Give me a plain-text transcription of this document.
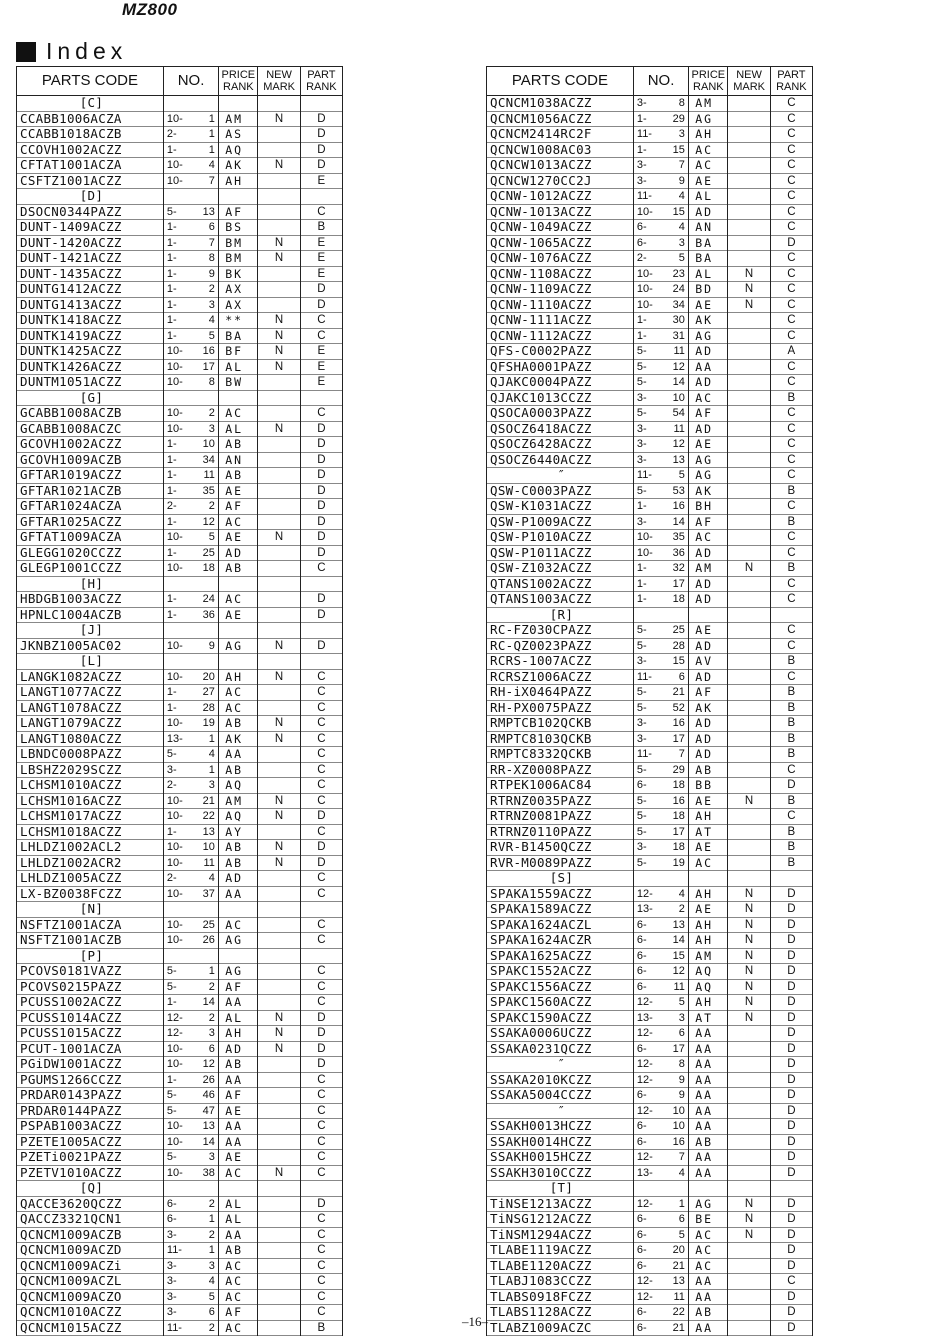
MZ800
Index
PARTS CODE	NO.	PRICE RANK	NEW MARK	PART RANK
[C]				
CCABB1006ACZA	10- 1	AM	N	D
CCABB1018ACZB	2- 1	AS		D
CCOVH1002ACZZ	1- 1	AQ		D
CFTAT1001ACZA	10- 4	AK	N	D
CSFTZ1001ACZZ	10- 7	AH		E
[D]				
DSOCN0344PAZZ	5- 13	AF		C
DUNT-1409ACZZ	1- 6	BS		B
DUNT-1420ACZZ	1- 7	BM	N	E
DUNT-1421ACZZ	1- 8	BM	N	E
DUNT-1435ACZZ	1- 9	BK		E
DUNTG1412ACZZ	1- 2	AX		D
DUNTG1413ACZZ	1- 3	AX		D
DUNTK1418ACZZ	1- 4	**	N	C
DUNTK1419ACZZ	1- 5	BA	N	C
DUNTK1425ACZZ	10- 16	BF	N	E
DUNTK1426ACZZ	10- 17	AL	N	E
DUNTM1051ACZZ	10- 8	BW		E
[G]				
GCABB1008ACZB	10- 2	AC		C
GCABB1008ACZC	10- 3	AL	N	D
GCOVH1002ACZZ	1- 10	AB		D
GCOVH1009ACZB	1- 34	AN		D
GFTAR1019ACZZ	1- 11	AB		D
GFTAR1021ACZB	1- 35	AE		D
GFTAR1024ACZA	2- 2	AF		D
GFTAR1025ACZZ	1- 12	AC		D
GFTAT1009ACZA	10- 5	AE	N	D
GLEGG1020CCZZ	1- 25	AD		D
GLEGP1001CCZZ	10- 18	AB		C
[H]				
HBDGB1003ACZZ	1- 24	AC		D
HPNLC1004ACZB	1- 36	AE		D
[J]				
JKNBZ1005AC02	10- 9	AG	N	D
[L]				
LANGK1082ACZZ	10- 20	AH	N	C
LANGT1077ACZZ	1- 27	AC		C
LANGT1078ACZZ	1- 28	AC		C
LANGT1079ACZZ	10- 19	AB	N	C
LANGT1080ACZZ	13- 1	AK	N	C
LBNDC0008PAZZ	5- 4	AA		C
LBSHZ2029SCZZ	3- 1	AB		C
LCHSM1010ACZZ	2- 3	AQ		C
LCHSM1016ACZZ	10- 21	AM	N	C
LCHSM1017ACZZ	10- 22	AQ	N	D
LCHSM1018ACZZ	1- 13	AY		C
LHLDZ1002ACL2	10- 10	AB	N	D
LHLDZ1002ACR2	10- 11	AB	N	D
LHLDZ1005ACZZ	2- 4	AD		C
LX-BZ0038FCZZ	10- 37	AA		C
[N]				
NSFTZ1001ACZA	10- 25	AC		C
NSFTZ1001ACZB	10- 26	AG		C
[P]				
PCOVS0181VAZZ	5- 1	AG		C
PCOVS0215PAZZ	5- 2	AF		C
PCUSS1002ACZZ	1- 14	AA		C
PCUSS1014ACZZ	12- 2	AL	N	D
PCUSS1015ACZZ	12- 3	AH	N	D
PCUT-1001ACZA	10- 6	AD	N	D
PGiDW1001ACZZ	10- 12	AB		D
PGUMS1266CCZZ	1- 26	AA		C
PRDAR0143PAZZ	5- 46	AF		C
PRDAR0144PAZZ	5- 47	AE		C
PSPAB1003ACZZ	10- 13	AA		C
PZETE1005ACZZ	10- 14	AA		C
PZETi0021PAZZ	5- 3	AE		C
PZETV1010ACZZ	10- 38	AC	N	C
[Q]				
QACCE3620QCZZ	6- 2	AL		D
QACCZ3321QCN1	6- 1	AL		C
QCNCM1009ACZB	3- 2	AA		C
QCNCM1009ACZD	11- 1	AB		C
QCNCM1009ACZi	3- 3	AC		C
QCNCM1009ACZL	3- 4	AC		C
QCNCM1009ACZO	3- 5	AC		C
QCNCM1010ACZZ	3- 6	AF		C
QCNCM1015ACZZ	11- 2	AC		B
PARTS CODE	NO.	PRICE RANK	NEW MARK	PART RANK
QCNCM1038ACZZ	3- 8	AM		C
QCNCM1056ACZZ	1- 29	AG		C
QCNCM2414RC2F	11- 3	AH		C
QCNCW1008AC03	1- 15	AC		C
QCNCW1013ACZZ	3- 7	AC		C
QCNCW1270CC2J	3- 9	AE		C
QCNW-1012ACZZ	11- 4	AL		C
QCNW-1013ACZZ	10- 15	AD		C
QCNW-1049ACZZ	6- 4	AN		C
QCNW-1065ACZZ	6- 3	BA		D
QCNW-1076ACZZ	2- 5	BA		C
QCNW-1108ACZZ	10- 23	AL	N	C
QCNW-1109ACZZ	10- 24	BD	N	C
QCNW-1110ACZZ	10- 34	AE	N	C
QCNW-1111ACZZ	1- 30	AK		C
QCNW-1112ACZZ	1- 31	AG		C
QFS-C0002PAZZ	5- 11	AD		A
QFSHA0001PAZZ	5- 12	AA		C
QJAKC0004PAZZ	5- 14	AD		C
QJAKC1013CCZZ	3- 10	AC		B
QSOCA0003PAZZ	5- 54	AF		C
QSOCZ6418ACZZ	3- 11	AD		C
QSOCZ6428ACZZ	3- 12	AE		C
QSOCZ6440ACZZ	3- 13	AG		C
″	11- 5	AG		C
QSW-C0003PAZZ	5- 53	AK		B
QSW-K1031ACZZ	1- 16	BH		C
QSW-P1009ACZZ	3- 14	AF		B
QSW-P1010ACZZ	10- 35	AC		C
QSW-P1011ACZZ	10- 36	AD		C
QSW-Z1032ACZZ	1- 32	AM	N	B
QTANS1002ACZZ	1- 17	AD		C
QTANS1003ACZZ	1- 18	AD		C
[R]				
RC-FZ030CPAZZ	5- 25	AE		C
RC-QZ0023PAZZ	5- 28	AD		C
RCRS-1007ACZZ	3- 15	AV		B
RCRSZ1006ACZZ	11- 6	AD		C
RH-iX0464PAZZ	5- 21	AF		B
RH-PX0075PAZZ	5- 52	AK		B
RMPTCB102QCKB	3- 16	AD		B
RMPTC8103QCKB	3- 17	AD		B
RMPTC8332QCKB	11- 7	AD		B
RR-XZ0008PAZZ	5- 29	AB		C
RTPEK1006AC84	6- 18	BB		D
RTRNZ0035PAZZ	5- 16	AE	N	B
RTRNZ0081PAZZ	5- 18	AH		C
RTRNZ0110PAZZ	5- 17	AT		B
RVR-B1450QCZZ	3- 18	AE		B
RVR-M0089PAZZ	5- 19	AC		B
[S]				
SPAKA1559ACZZ	12- 4	AH	N	D
SPAKA1589ACZZ	13- 2	AE	N	D
SPAKA1624ACZL	6- 13	AH	N	D
SPAKA1624ACZR	6- 14	AH	N	D
SPAKA1625ACZZ	6- 15	AM	N	D
SPAKC1552ACZZ	6- 12	AQ	N	D
SPAKC1556ACZZ	6- 11	AQ	N	D
SPAKC1560ACZZ	12- 5	AH	N	D
SPAKC1590ACZZ	13- 3	AT	N	D
SSAKA0006UCZZ	12- 6	AA		D
SSAKA0231QCZZ	6- 17	AA		D
″	12- 8	AA		D
SSAKA2010KCZZ	12- 9	AA		D
SSAKA5004CCZZ	6- 9	AA		D
″	12- 10	AA		D
SSAKH0013HCZZ	6- 10	AA		D
SSAKH0014HCZZ	6- 16	AB		D
SSAKH0015HCZZ	12- 7	AA		D
SSAKH3010CCZZ	13- 4	AA		D
[T]				
TiNSE1213ACZZ	12- 1	AG	N	D
TiNSG1212ACZZ	6- 6	BE	N	D
TiNSM1294ACZZ	6- 5	AC	N	D
TLABE1119ACZZ	6- 20	AC		D
TLABE1120ACZZ	6- 21	AC		D
TLABJ1083CCZZ	12- 13	AA		C
TLABS0918FCZZ	12- 11	AA		D
TLABS1128ACZZ	6- 22	AB		D
TLABZ1009ACZC	6- 21	AA		D
–16–
